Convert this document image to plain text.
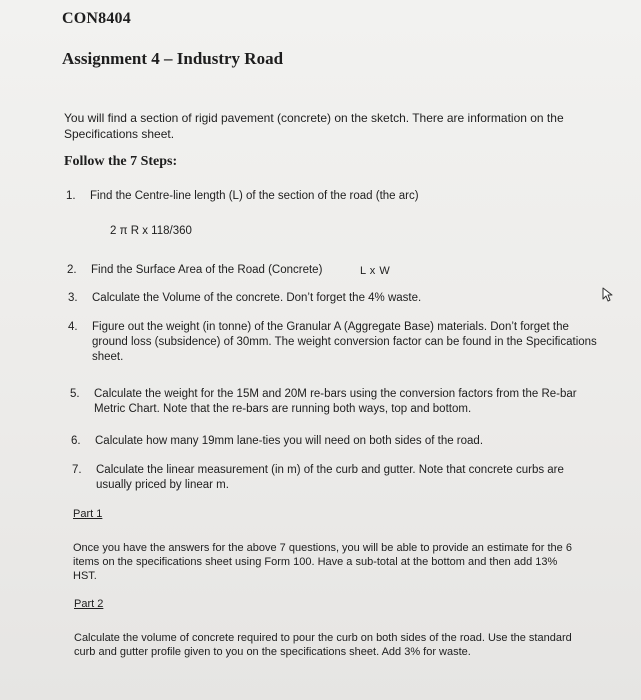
CON8404
Assignment 4 – Industry Road
You will find a section of rigid pavement (concrete) on the sketch. There are information on the Specifications sheet.
Follow the 7 Steps:
1. Find the Centre-line length (L) of the section of the road (the arc)
2 π R x 118/360
2. Find the Surface Area of the Road (Concrete)	L x W
3. Calculate the Volume of the concrete. Don’t forget the 4% waste.
4. Figure out the weight (in tonne) of the Granular A (Aggregate Base) materials. Don’t forget the ground loss (subsidence) of 30mm. The weight conversion factor can be found in the Specifications sheet.
5. Calculate the weight for the 15M and 20M re-bars using the conversion factors from the Re-bar Metric Chart. Note that the re-bars are running both ways, top and bottom.
6. Calculate how many 19mm lane-ties you will need on both sides of the road.
7. Calculate the linear measurement (in m) of the curb and gutter. Note that concrete curbs are usually priced by linear m.
Part 1
Once you have the answers for the above 7 questions, you will be able to provide an estimate for the 6 items on the specifications sheet using Form 100. Have a sub-total at the bottom and then add 13% HST.
Part 2
Calculate the volume of concrete required to pour the curb on both sides of the road. Use the standard curb and gutter profile given to you on the specifications sheet. Add 3% for waste.
